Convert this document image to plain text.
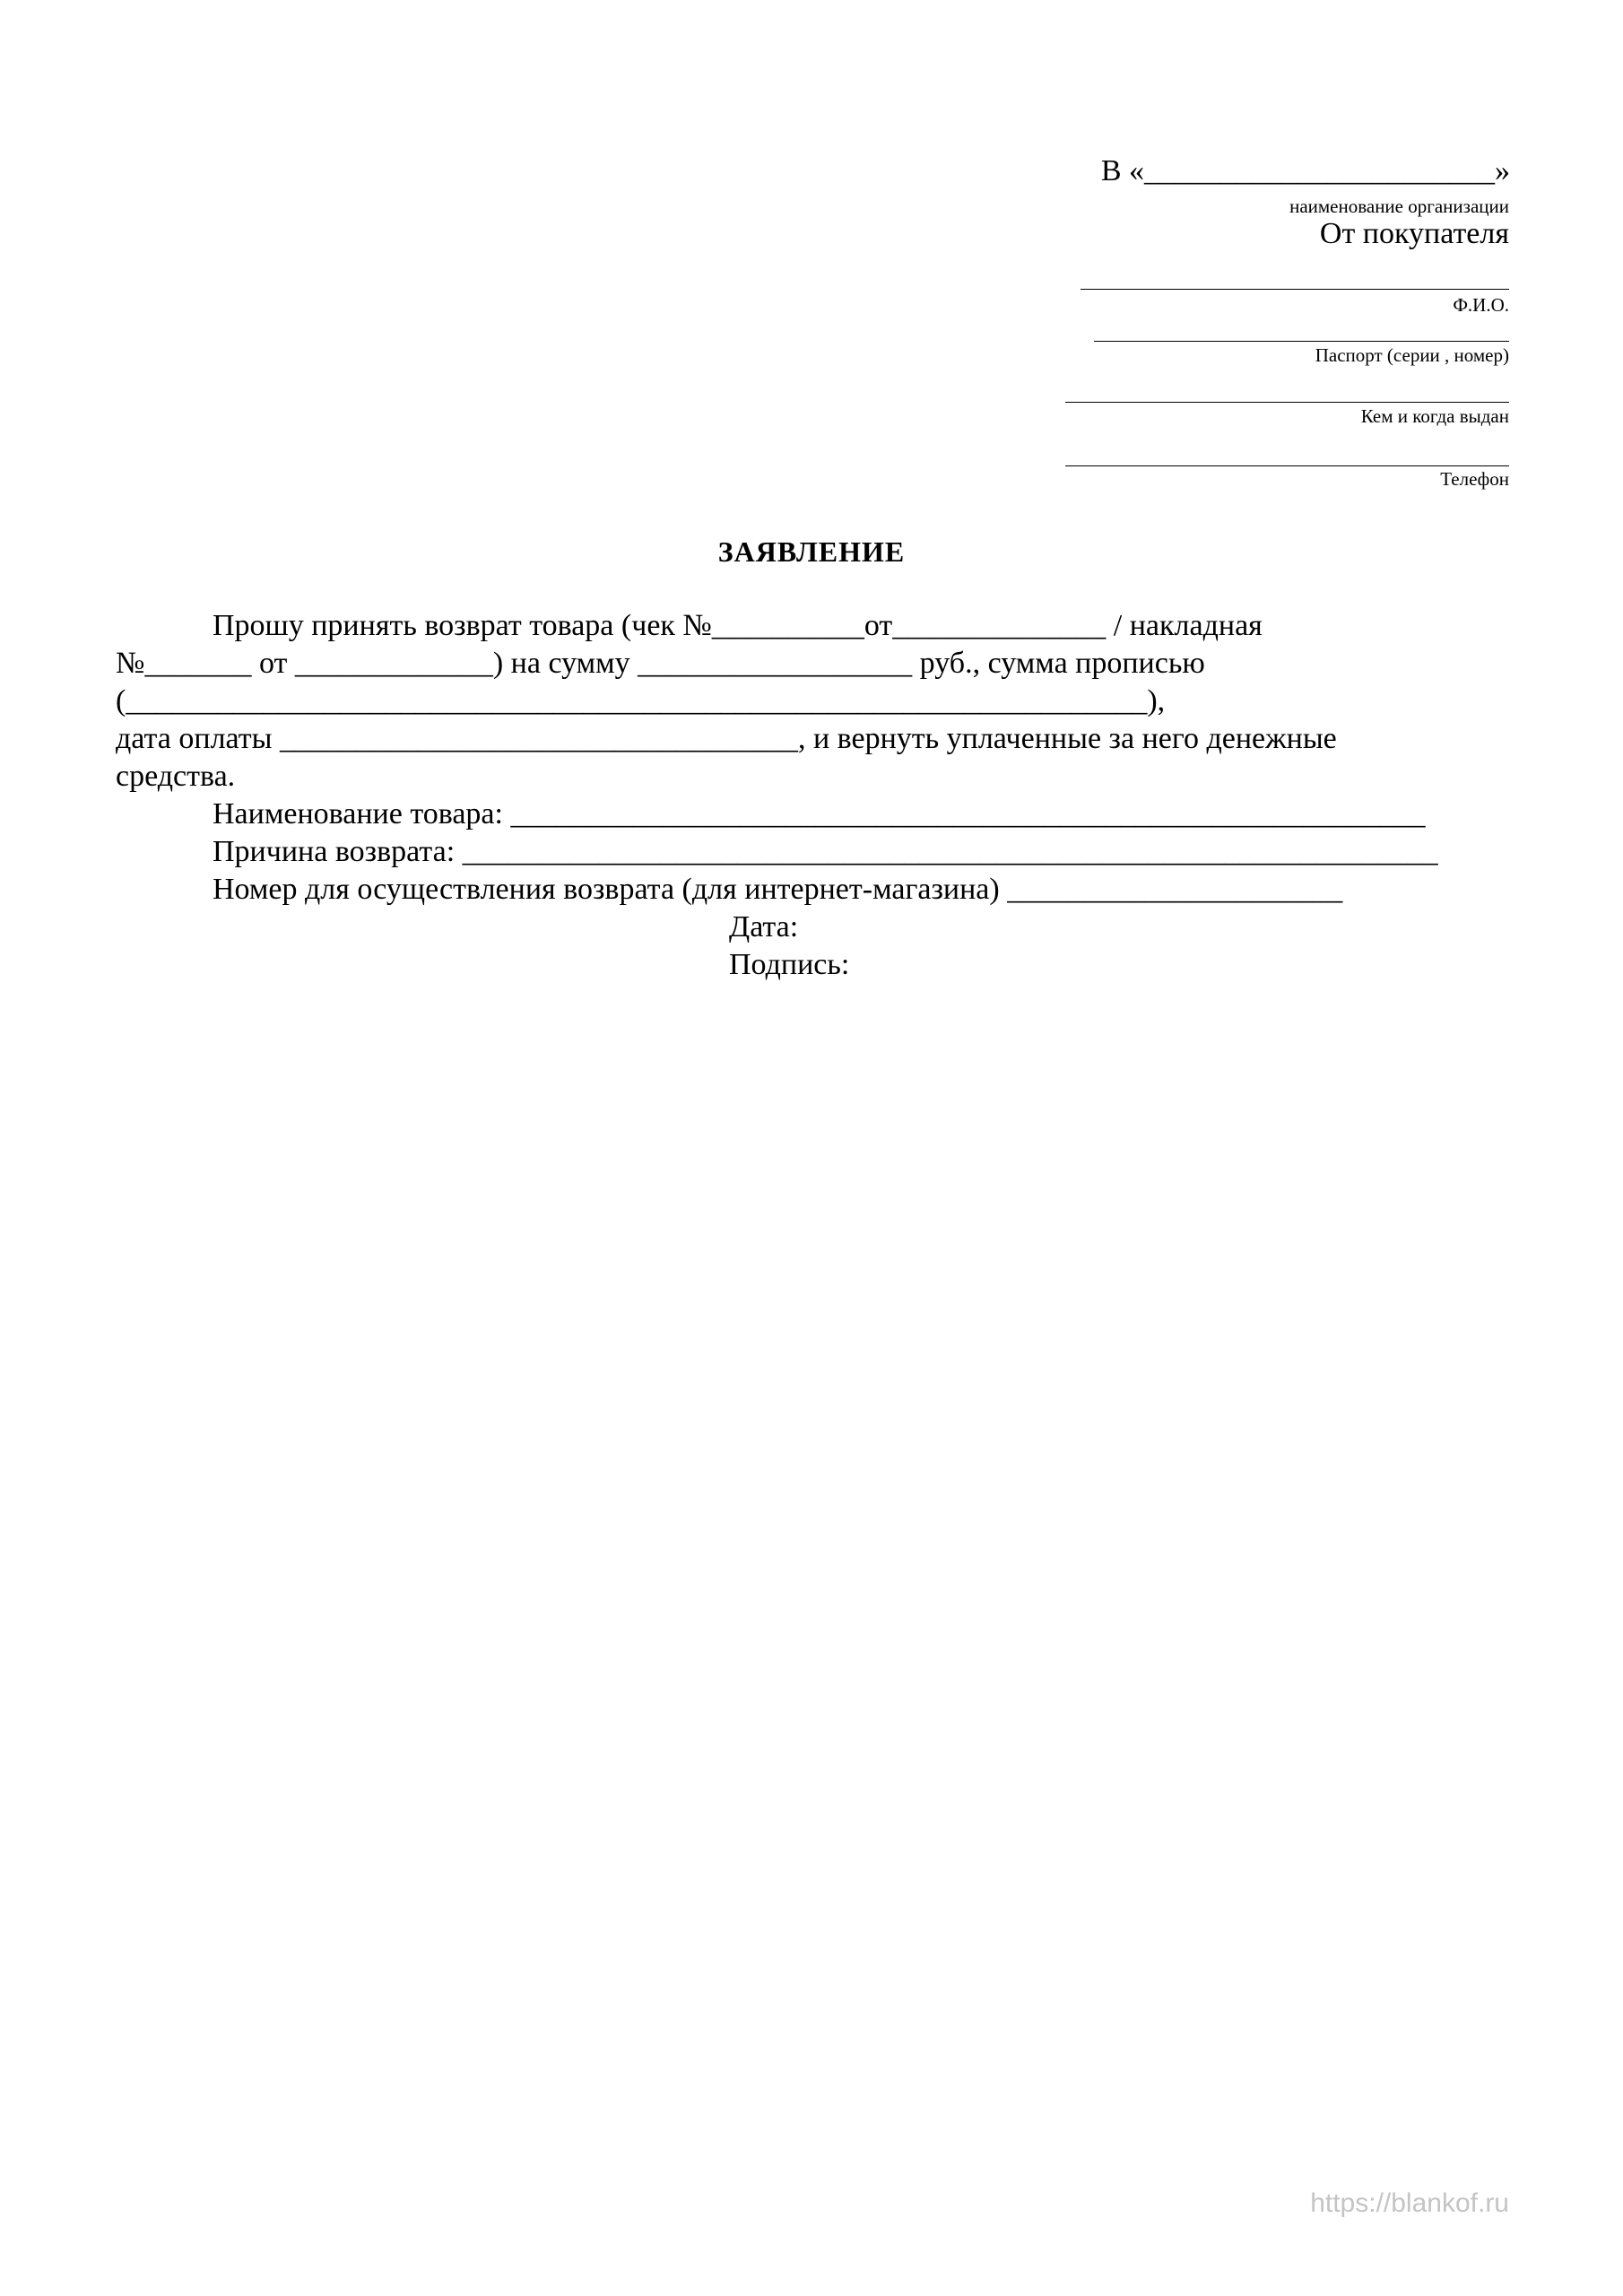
В «_______________________»
наименование организации
От покупателя
Ф.И.О.
Паспорт (серии , номер)
Кем и когда выдан
Телефон
ЗАЯВЛЕНИЕ
Прошу принять возврат товара (чек №__________от______________ / накладная
№_______ от _____________) на сумму __________________ руб., сумма прописью
(___________________________________________________________________),
дата оплаты __________________________________, и вернуть уплаченные за него денежные
средства.
Наименование товара: ____________________________________________________________
Причина возврата: ________________________________________________________________
Номер для осуществления возврата (для интернет-магазина) ______________________
Дата:
Подпись:
https://blankof.ru
